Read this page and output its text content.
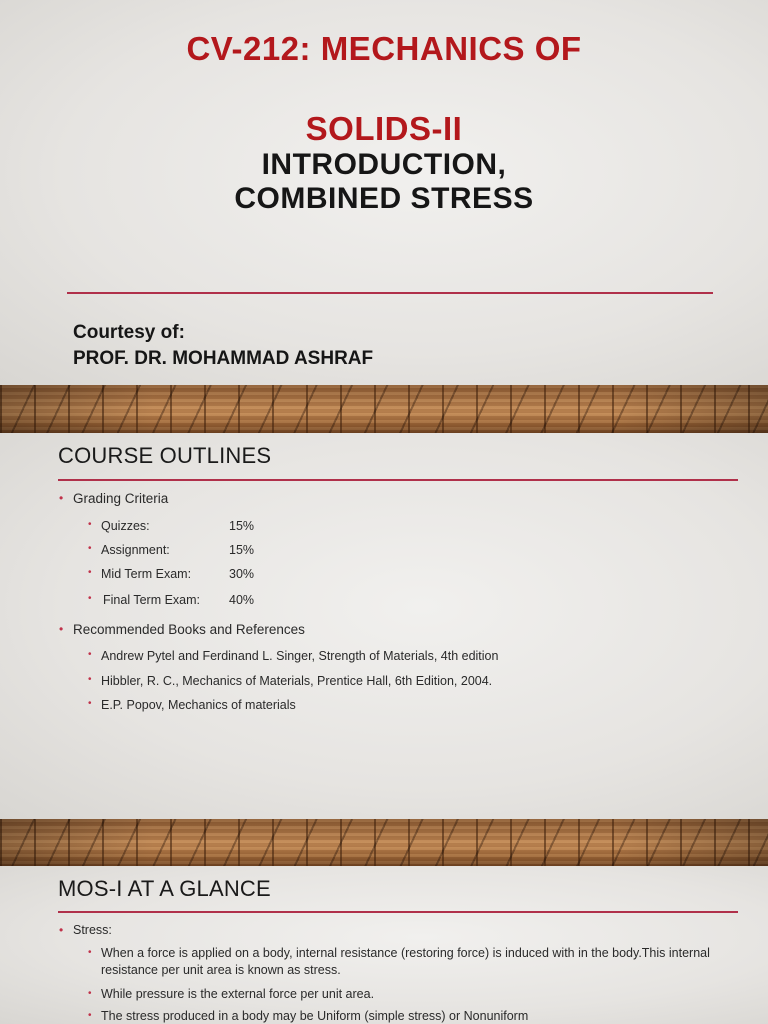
CV-212: MECHANICS OF
SOLIDS-II
INTRODUCTION,
COMBINED STRESS
Courtesy of:
PROF. DR. MOHAMMAD ASHRAF
COURSE OUTLINES
• Grading Criteria
• Quizzes:	15%
• Assignment:	15%
• Mid Term Exam:	30%
• Final Term Exam: 40%
• Recommended Books and References
• Andrew Pytel and Ferdinand L. Singer, Strength of Materials, 4th edition
• Hibbler, R. C., Mechanics of Materials, Prentice Hall, 6th Edition, 2004.
• E.P. Popov, Mechanics of materials
MOS-I AT A GLANCE
• Stress:
• When a force is applied on a body, internal resistance (restoring force) is induced with in the body.This internal resistance per unit area is known as stress.
• While pressure is the external force per unit area.
• The stress produced in a body may be Uniform (simple stress) or Nonuniform
